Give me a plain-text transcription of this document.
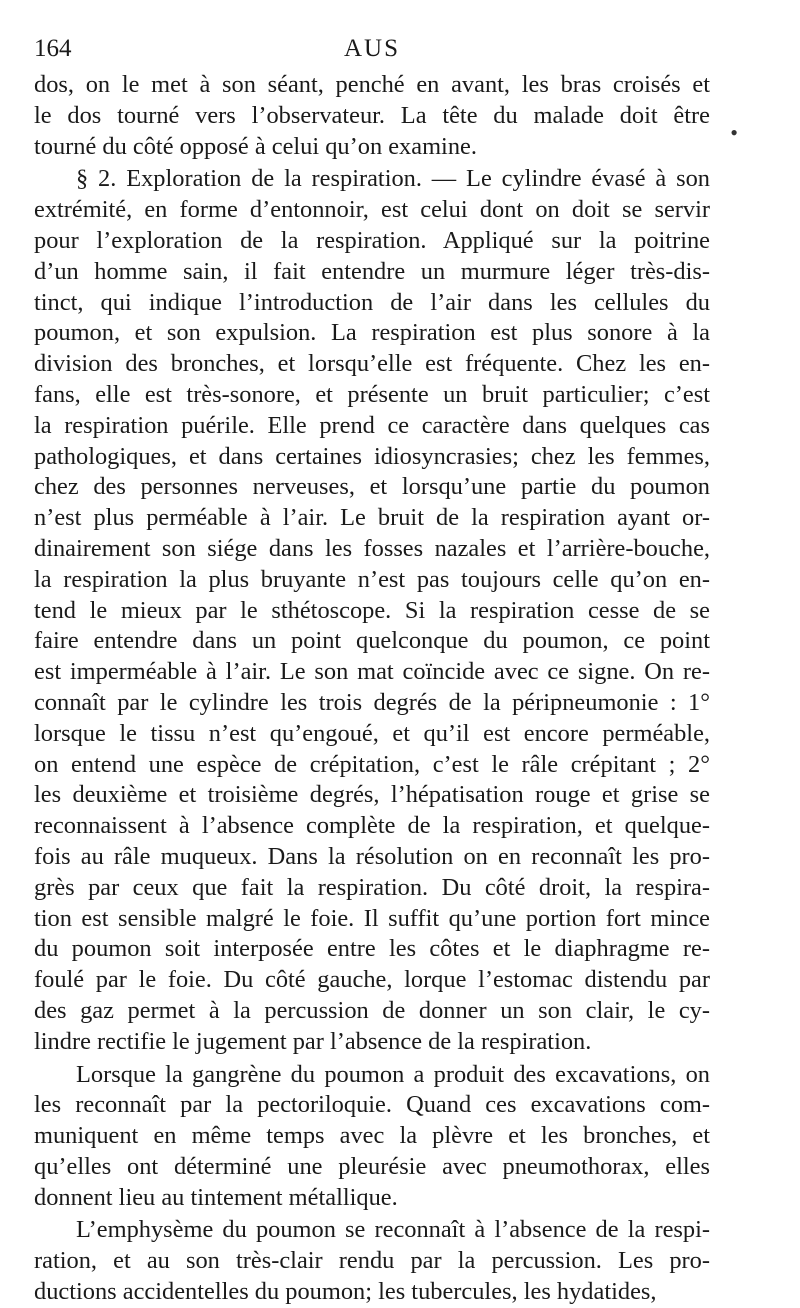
164	AUS
dos, on le met à son séant, penché en avant, les bras croisés et
le dos tourné vers l’observateur. La tête du malade doit être
tourné du côté opposé à celui qu’on examine.
§ 2. Exploration de la respiration. — Le cylindre évasé à son
extrémité, en forme d’entonnoir, est celui dont on doit se servir
pour l’exploration de la respiration. Appliqué sur la poitrine
d’un homme sain, il fait entendre un murmure léger très-dis-
tinct, qui indique l’introduction de l’air dans les cellules du
poumon, et son expulsion. La respiration est plus sonore à la
division des bronches, et lorsqu’elle est fréquente. Chez les en-
fans, elle est très-sonore, et présente un bruit particulier; c’est
la respiration puérile. Elle prend ce caractère dans quelques cas
pathologiques, et dans certaines idiosyncrasies; chez les femmes,
chez des personnes nerveuses, et lorsqu’une partie du poumon
n’est plus perméable à l’air. Le bruit de la respiration ayant or-
dinairement son siége dans les fosses nazales et l’arrière-bouche,
la respiration la plus bruyante n’est pas toujours celle qu’on en-
tend le mieux par le sthétoscope. Si la respiration cesse de se
faire entendre dans un point quelconque du poumon, ce point
est imperméable à l’air. Le son mat coïncide avec ce signe. On re-
connaît par le cylindre les trois degrés de la péripneumonie : 1°
lorsque le tissu n’est qu’engoué, et qu’il est encore perméable,
on entend une espèce de crépitation, c’est le râle crépitant ; 2°
les deuxième et troisième degrés, l’hépatisation rouge et grise se
reconnaissent à l’absence complète de la respiration, et quelque-
fois au râle muqueux. Dans la résolution on en reconnaît les pro-
grès par ceux que fait la respiration. Du côté droit, la respira-
tion est sensible malgré le foie. Il suffit qu’une portion fort mince
du poumon soit interposée entre les côtes et le diaphragme re-
foulé par le foie. Du côté gauche, lorque l’estomac distendu par
des gaz permet à la percussion de donner un son clair, le cy-
lindre rectifie le jugement par l’absence de la respiration.
Lorsque la gangrène du poumon a produit des excavations, on
les reconnaît par la pectoriloquie. Quand ces excavations com-
muniquent en même temps avec la plèvre et les bronches, et
qu’elles ont déterminé une pleurésie avec pneumothorax, elles
donnent lieu au tintement métallique.
L’emphysème du poumon se reconnaît à l’absence de la respi-
ration, et au son très-clair rendu par la percussion. Les pro-
ductions accidentelles du poumon; les tubercules, les hydatides,
•
